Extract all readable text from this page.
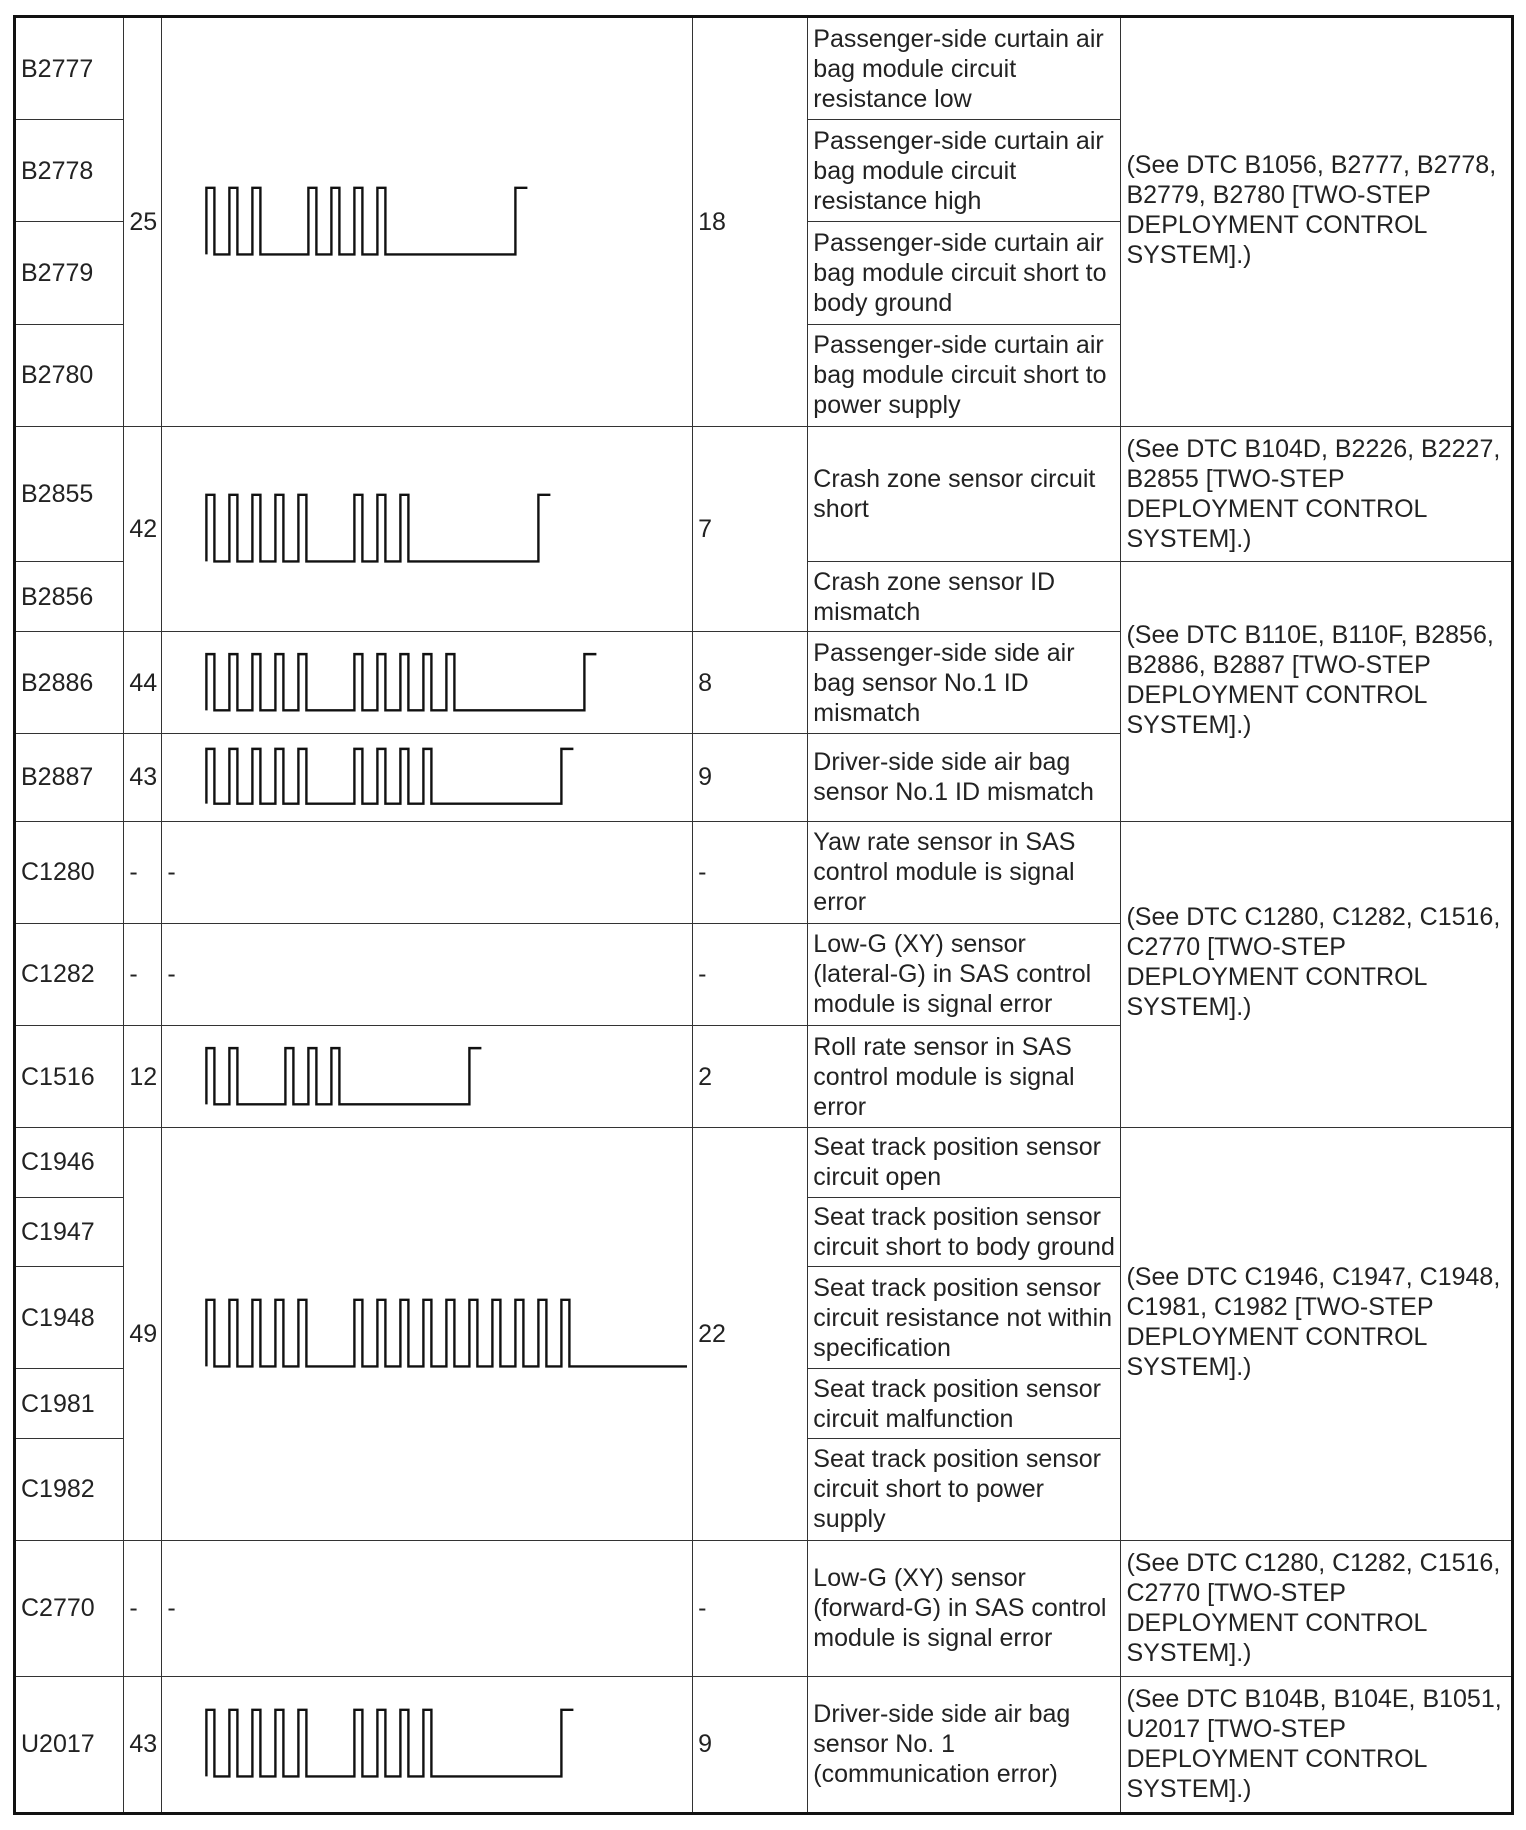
B2777	25		18	Passenger-side curtain air bag module circuit resistance low	(See DTC B1056, B2777, B2778, B2779, B2780 [TWO-STEP DEPLOYMENT CONTROL SYSTEM].)

B2778				Passenger-side curtain air bag module circuit resistance high	
B2779				Passenger-side curtain air bag module circuit short to body ground	
B2780				Passenger-side curtain air bag module circuit short to power supply	
B2855	42		7	Crash zone sensor circuit short	(See DTC B104D, B2226, B2227, B2855 [TWO-STEP DEPLOYMENT CONTROL SYSTEM].)

B2856				Crash zone sensor ID mismatch	(See DTC B110E, B110F, B2856, B2886, B2887 [TWO-STEP DEPLOYMENT CONTROL SYSTEM].)

B2886	44		8	Passenger-side side air bag sensor No.1 ID mismatch	
B2887	43		9	Driver-side side air bag sensor No.1 ID mismatch	
C1280	-	-	-	Yaw rate sensor in SAS control module is signal error	(See DTC C1280, C1282, C1516, C2770 [TWO-STEP DEPLOYMENT CONTROL SYSTEM].)

C1282	-	-	-	Low-G (XY) sensor (lateral-G) in SAS control module is signal error	
C1516	12		2	Roll rate sensor in SAS control module is signal error	
C1946	49		22	Seat track position sensor circuit open	(See DTC C1946, C1947, C1948, C1981, C1982 [TWO-STEP DEPLOYMENT CONTROL SYSTEM].)

C1947				Seat track position sensor circuit short to body ground	
C1948				Seat track position sensor circuit resistance not within specification	
C1981				Seat track position sensor circuit malfunction	
C1982				Seat track position sensor circuit short to power supply	
C2770	-	-	-	Low-G (XY) sensor (forward-G) in SAS control module is signal error	(See DTC C1280, C1282, C1516, C2770 [TWO-STEP DEPLOYMENT CONTROL SYSTEM].)

U2017	43		9	Driver-side side air bag sensor No. 1 (communication error)	(See DTC B104B, B104E, B1051, U2017 [TWO-STEP DEPLOYMENT CONTROL SYSTEM].)
